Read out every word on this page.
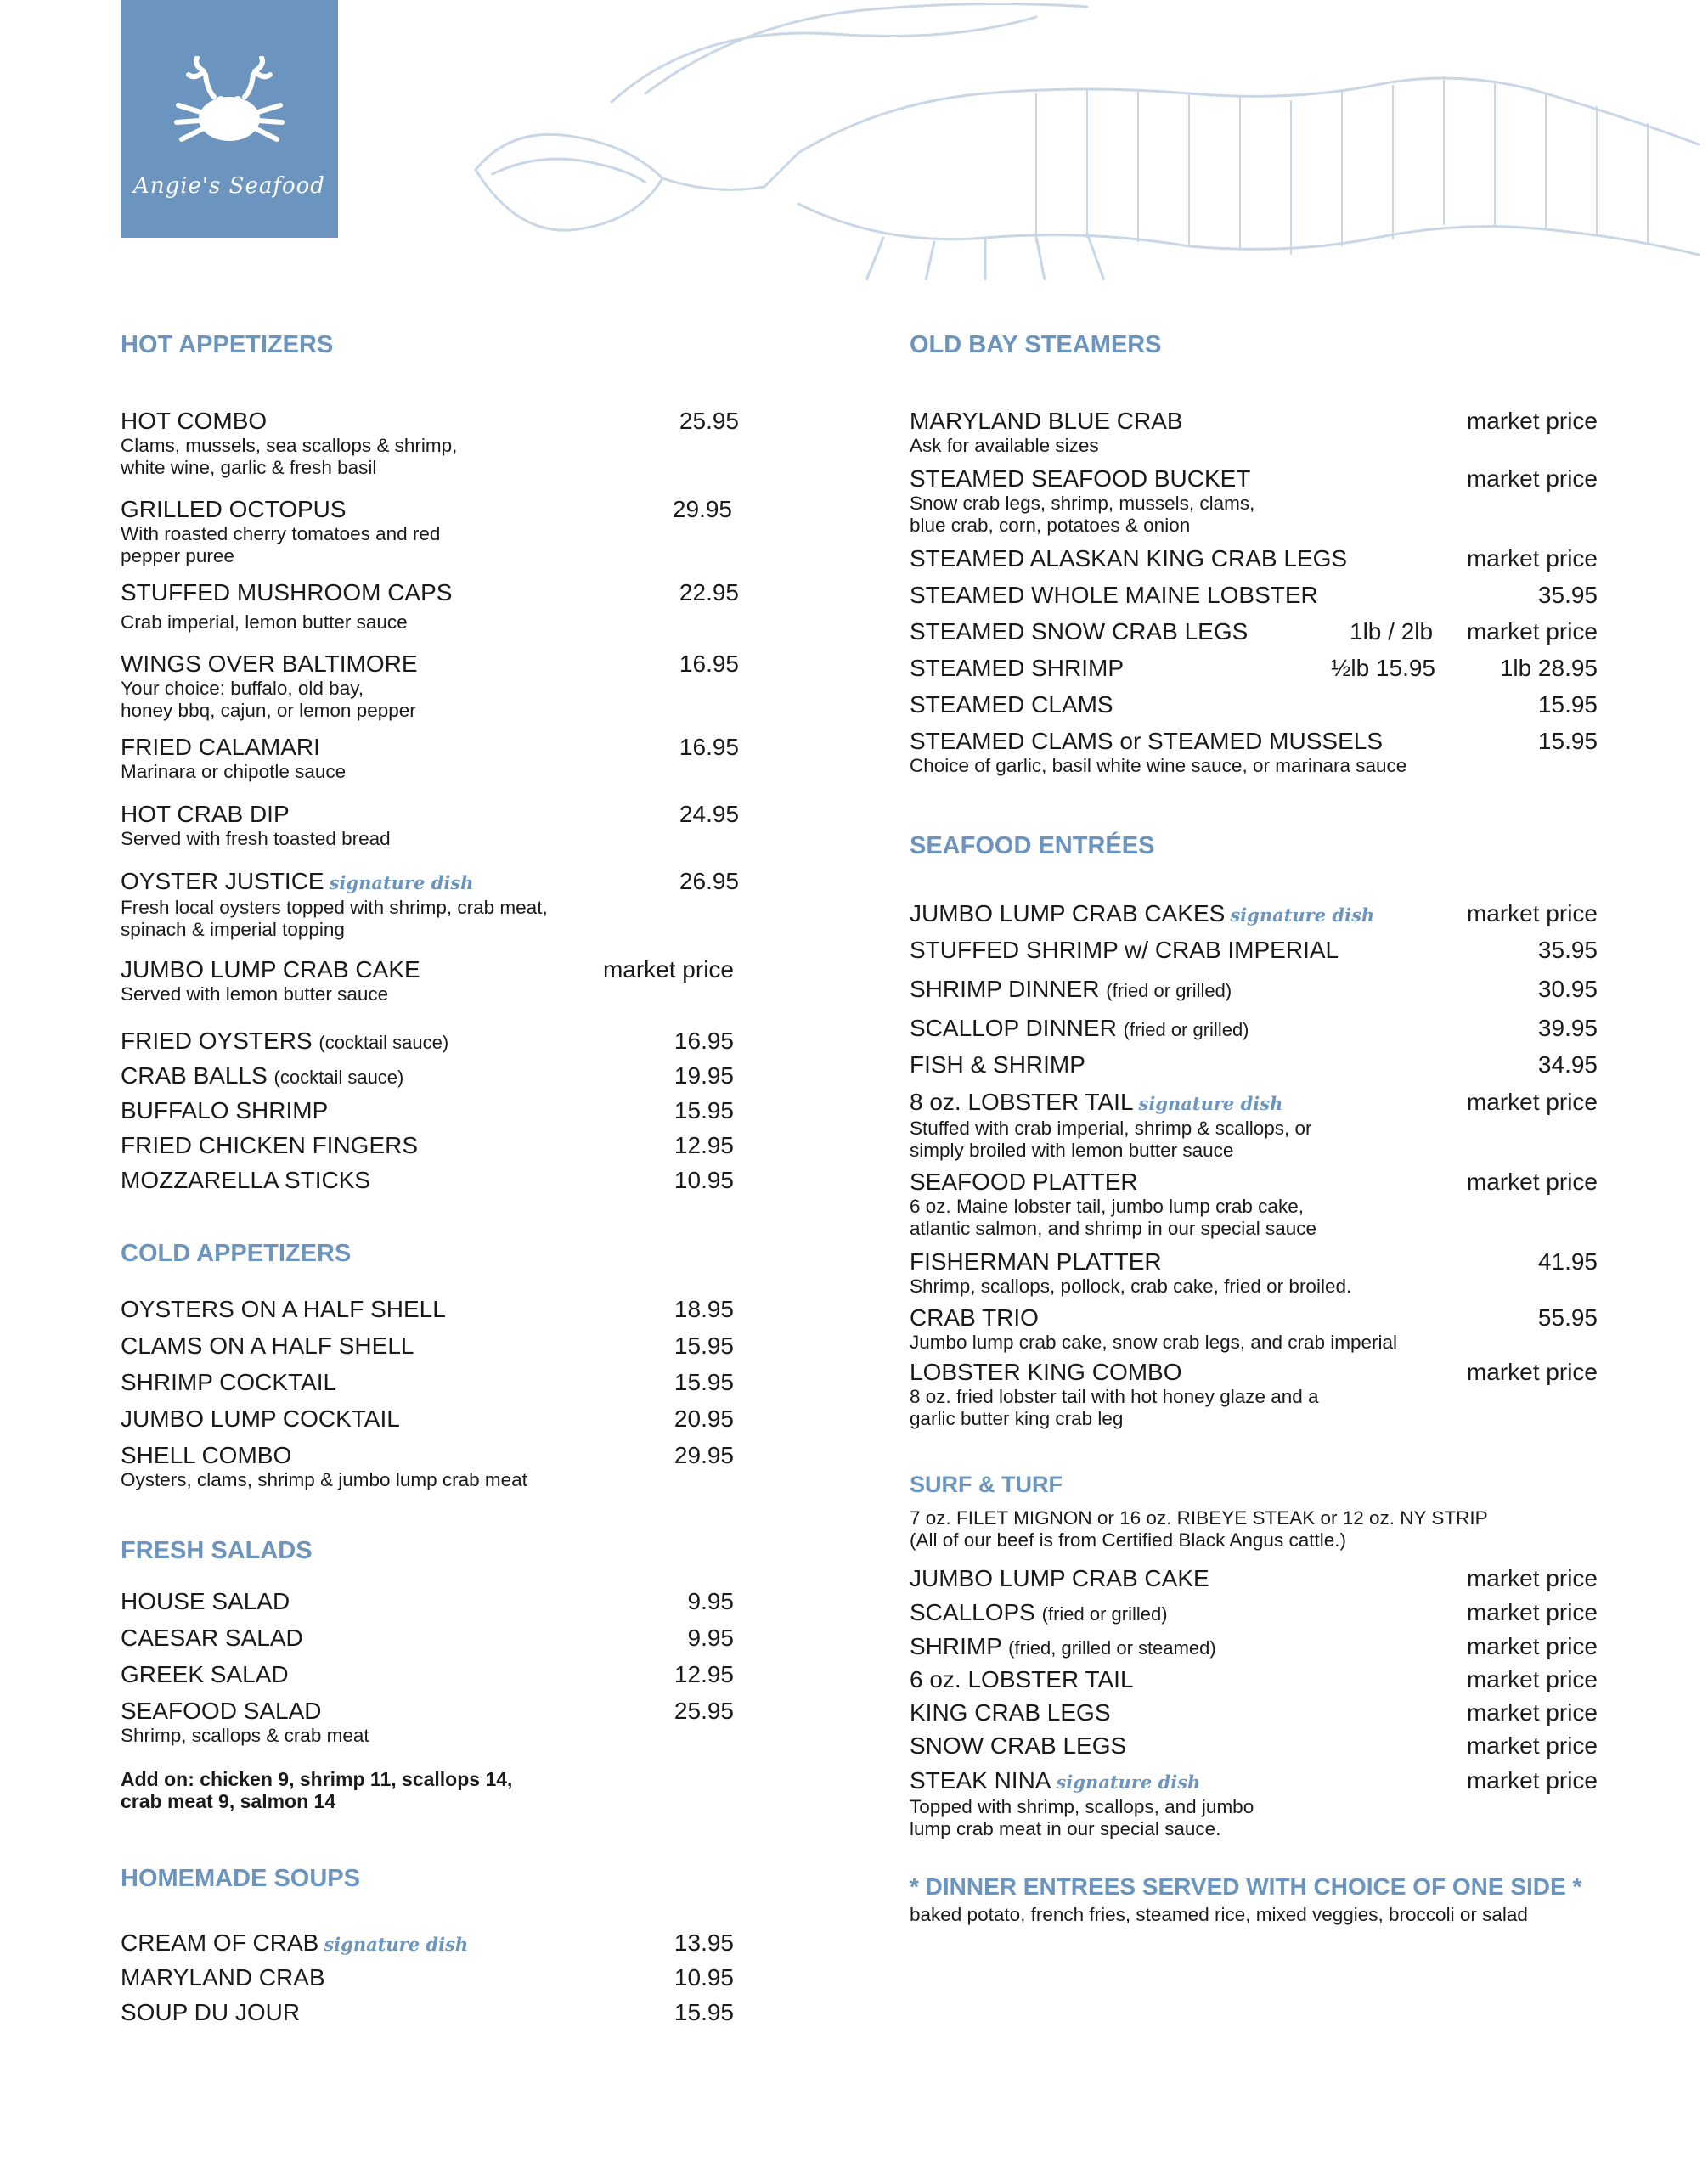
Angie's Seafood
HOT APPETIZERS
HOT COMBO
Clams, mussels, sea scallops & shrimp,
white wine, garlic & fresh basil
25.95
GRILLED OCTOPUS
With roasted cherry tomatoes and red
pepper puree
29.95
STUFFED MUSHROOM CAPS
Crab imperial, lemon butter sauce
22.95
WINGS OVER BALTIMORE
Your choice: buffalo, old bay,
honey bbq, cajun, or lemon pepper
16.95
FRIED CALAMARI
Marinara or chipotle sauce
16.95
HOT CRAB DIP
Served with fresh toasted bread
24.95
OYSTER JUSTICE signature dish
Fresh local oysters topped with shrimp, crab meat,
spinach & imperial topping
26.95
JUMBO LUMP CRAB CAKE
Served with lemon butter sauce
market price
FRIED OYSTERS (cocktail sauce)	16.95
CRAB BALLS (cocktail sauce)	19.95
BUFFALO SHRIMP	15.95
FRIED CHICKEN FINGERS	12.95
MOZZARELLA STICKS	10.95
COLD APPETIZERS
OYSTERS ON A HALF SHELL	18.95
CLAMS ON A HALF SHELL	15.95
SHRIMP COCKTAIL	15.95
JUMBO LUMP COCKTAIL	20.95
SHELL COMBO
Oysters, clams, shrimp & jumbo lump crab meat
29.95
FRESH SALADS
HOUSE SALAD	9.95
CAESAR SALAD	9.95
GREEK SALAD	12.95
SEAFOOD SALAD
Shrimp, scallops & crab meat
25.95
Add on: chicken 9, shrimp 11, scallops 14,
crab meat 9, salmon 14
HOMEMADE SOUPS
CREAM OF CRAB signature dish	13.95
MARYLAND CRAB	10.95
SOUP DU JOUR	15.95
OLD BAY STEAMERS
MARYLAND BLUE CRAB
Ask for available sizes
market price
STEAMED SEAFOOD BUCKET
Snow crab legs, shrimp, mussels, clams,
blue crab, corn, potatoes & onion
market price
STEAMED ALASKAN KING CRAB LEGS	market price
STEAMED WHOLE MAINE LOBSTER	35.95
STEAMED SNOW CRAB LEGS	1lb / 2lb market price
STEAMED SHRIMP	½lb 15.95	1lb 28.95
STEAMED CLAMS	15.95
STEAMED CLAMS or STEAMED MUSSELS
Choice of garlic, basil white wine sauce, or marinara sauce
15.95
SEAFOOD ENTRÉES
JUMBO LUMP CRAB CAKES signature dish	market price
STUFFED SHRIMP w/ CRAB IMPERIAL	35.95
SHRIMP DINNER (fried or grilled)	30.95
SCALLOP DINNER (fried or grilled)	39.95
FISH & SHRIMP	34.95
8 oz. LOBSTER TAIL signature dish
Stuffed with crab imperial, shrimp & scallops, or
simply broiled with lemon butter sauce
market price
SEAFOOD PLATTER
6 oz. Maine lobster tail, jumbo lump crab cake,
atlantic salmon, and shrimp in our special sauce
market price
FISHERMAN PLATTER
Shrimp, scallops, pollock, crab cake, fried or broiled.
41.95
CRAB TRIO
Jumbo lump crab cake, snow crab legs, and crab imperial
55.95
LOBSTER KING COMBO
8 oz. fried lobster tail with hot honey glaze and a
garlic butter king crab leg
market price
SURF & TURF
7 oz. FILET MIGNON or 16 oz. RIBEYE STEAK or 12 oz. NY STRIP
(All of our beef is from Certified Black Angus cattle.)
JUMBO LUMP CRAB CAKE	market price
SCALLOPS (fried or grilled)	market price
SHRIMP (fried, grilled or steamed)	market price
6 oz. LOBSTER TAIL	market price
KING CRAB LEGS	market price
SNOW CRAB LEGS	market price
STEAK NINA signature dish
Topped with shrimp, scallops, and jumbo
lump crab meat in our special sauce.
market price
* DINNER ENTREES SERVED WITH CHOICE OF ONE SIDE *
baked potato, french fries, steamed rice, mixed veggies, broccoli or salad
